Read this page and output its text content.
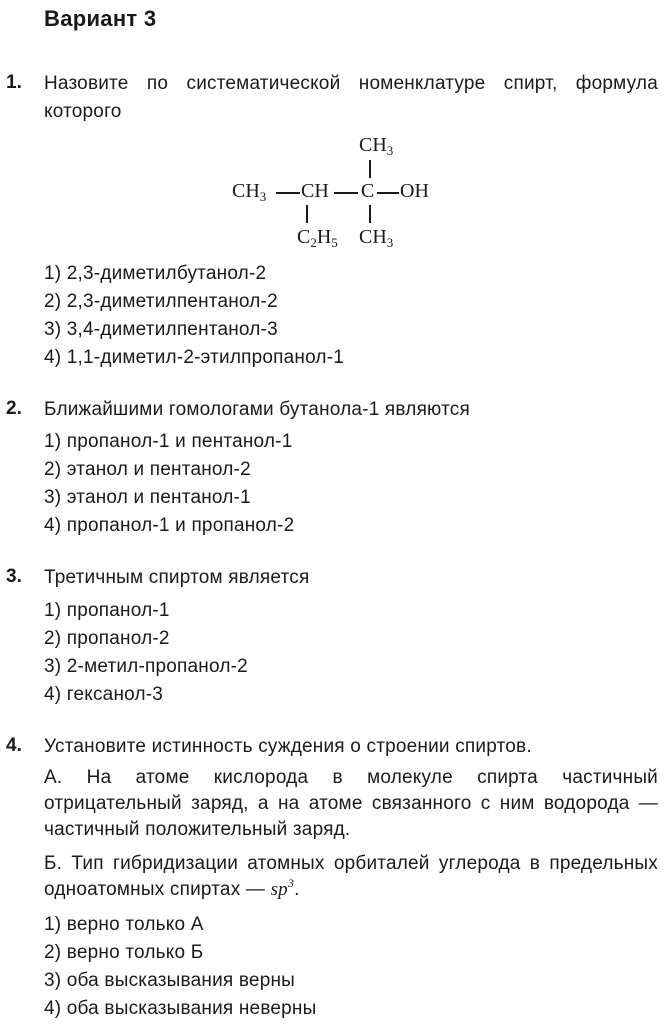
Вариант 3
1. Назовите по систематической номенклатуре спирт, формула которого
$CH_3$
$CH_3$ CH C OH
$C_2H_5$ $CH_3$
1) 2,3-диметилбутанол-2
2) 2,3-диметилпентанол-2
3) 3,4-диметилпентанол-3
4) 1,1-диметил-2-этилпропанол-1
2. Ближайшими гомологами бутанола-1 являются
1) пропанол-1 и пентанол-1
2) этанол и пентанол-2
3) этанол и пентанол-1
4) пропанол-1 и пропанол-2
3. Третичным спиртом является
1) пропанол-1
2) пропанол-2
3) 2-метил-пропанол-2
4) гексанол-3
4. Установите истинность суждения о строении спиртов.
А. На атоме кислорода в молекуле спирта частичный отрицательный заряд, а на атоме связанного с ним водорода — частичный положительный заряд.
Б. Тип гибридизации атомных орбиталей углерода в предельных одноатомных спиртах — $sp^3$.
1) верно только А
2) верно только Б
3) оба высказывания верны
4) оба высказывания неверны
